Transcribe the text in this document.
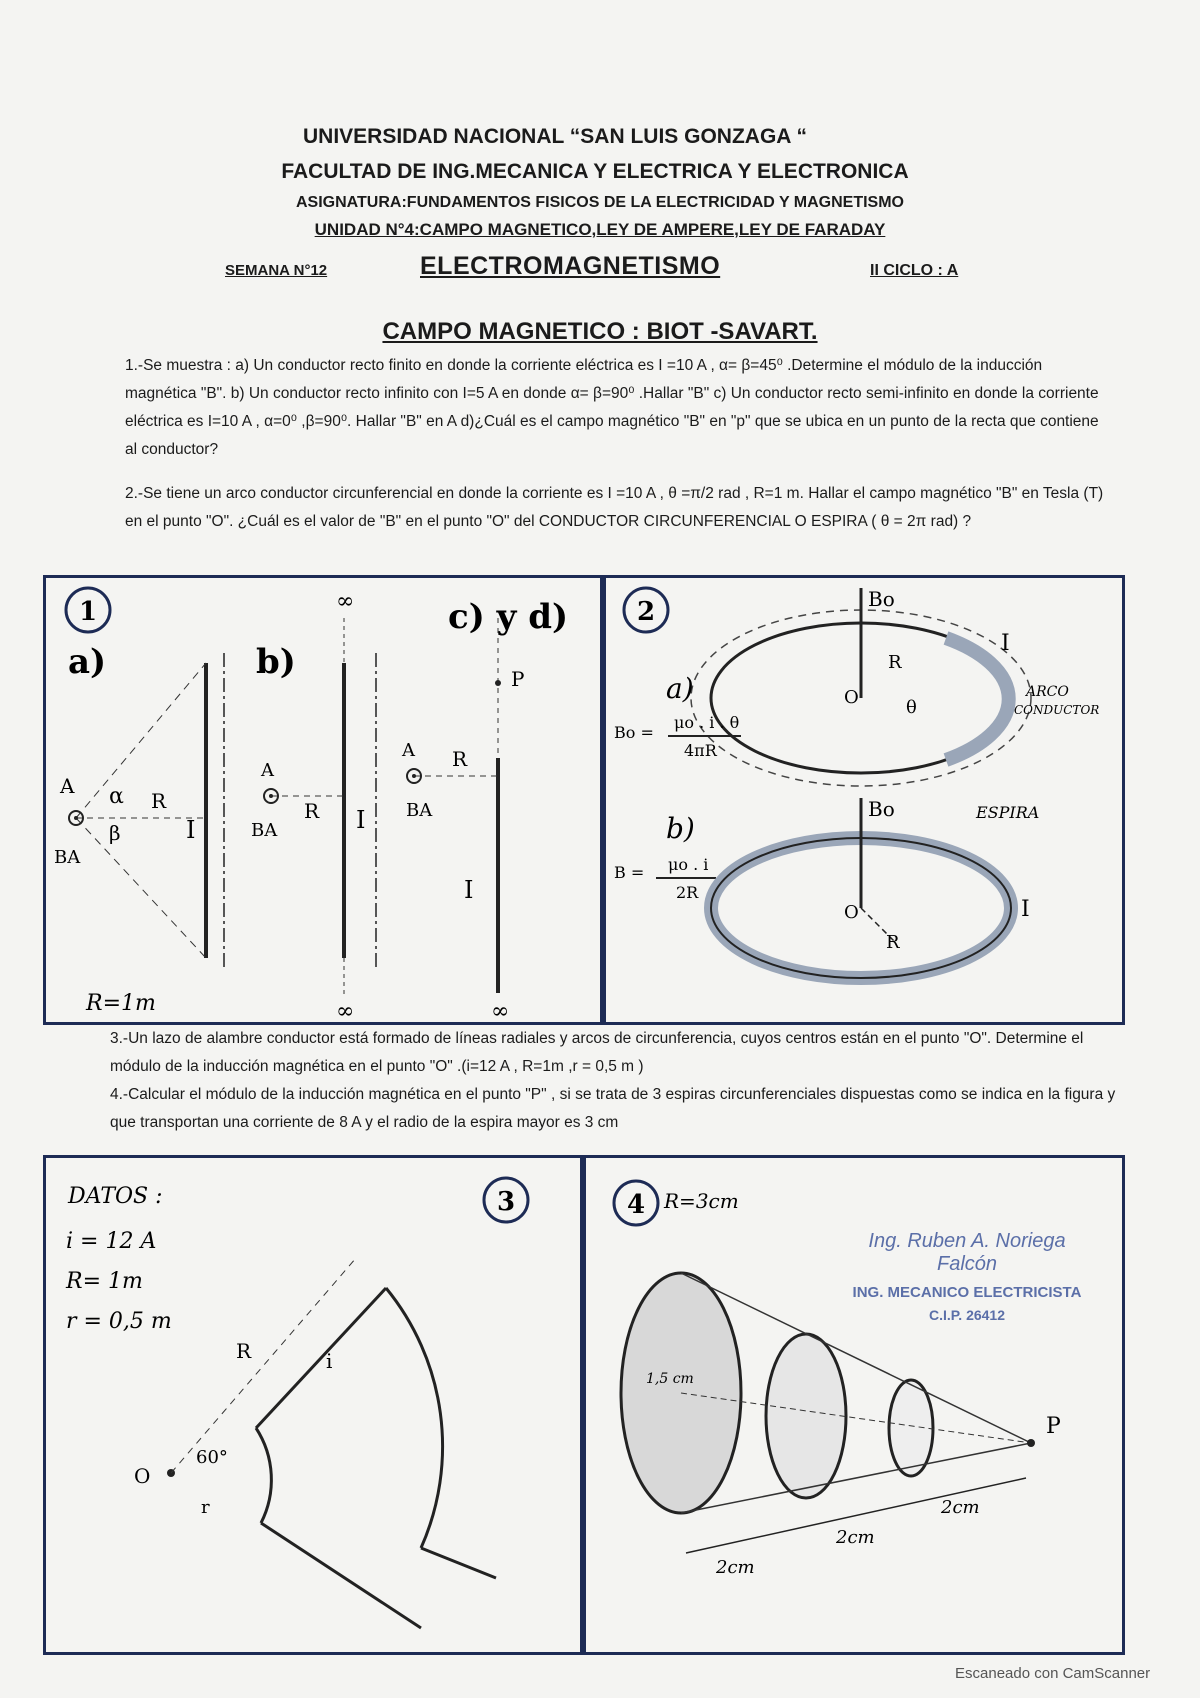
UNIVERSIDAD NACIONAL “SAN LUIS GONZAGA “
FACULTAD DE ING.MECANICA Y ELECTRICA Y ELECTRONICA
ASIGNATURA:FUNDAMENTOS FISICOS DE LA ELECTRICIDAD Y MAGNETISMO
UNIDAD N°4:CAMPO MAGNETICO,LEY DE AMPERE,LEY DE FARADAY
SEMANA N°12	ELECTROMAGNETISMO	II CICLO : A
CAMPO MAGNETICO : BIOT -SAVART.
1.-Se muestra : a) Un conductor recto finito en donde la corriente eléctrica es I =10 A , α= β=45⁰ .Determine el módulo de la inducción magnética "B". b) Un conductor recto infinito con I=5 A en donde α= β=90⁰ .Hallar "B" c) Un conductor recto semi-infinito en donde la corriente eléctrica es I=10 A , α=0⁰ ,β=90⁰. Hallar "B" en A d)¿Cuál es el campo magnético "B" en "p" que se ubica en un punto de la recta que contiene al conductor?
2.-Se tiene un arco conductor circunferencial en donde la corriente es I =10 A , θ =π/2 rad , R=1 m. Hallar el campo magnético "B" en Tesla (T) en el punto "O". ¿Cuál es el valor de "B" en el punto "O" del CONDUCTOR CIRCUNFERENCIAL O ESPIRA ( θ = 2π rad) ?
1
a)	b)
c) y d)
A
BA
R
α
β	I
A
BA
R I
∞
∞
P
A
BA
R
I
∞
R=1m
2	Bo
O
R
θ
I
ARCO
CONDUCTOR
a)
Bo =
μo . i . θ
4πR
b)
B = μo . i
2R
Bo
O
R
I
ESPIRA
3.-Un lazo de alambre conductor está formado de líneas radiales y arcos de circunferencia, cuyos centros están en el punto "O". Determine el módulo de la inducción magnética en el punto "O" .(i=12 A , R=1m ,r = 0,5 m )
4.-Calcular el módulo de la inducción magnética en el punto "P" , si se trata de 3 espiras circunferenciales dispuestas como se indica en la figura y que transportan una corriente de 8 A y el radio de la espira mayor es 3 cm
3
DATOS :
i = 12 A
R= 1m
r = 0,5 m
O
R
60°
r
i
4 R=3cm
P
2cm
2cm
2cm
1,5 cm
Ing. Ruben A. Noriega Falcón
ING. MECANICO ELECTRICISTA
C.I.P. 26412
Escaneado con CamScanner
